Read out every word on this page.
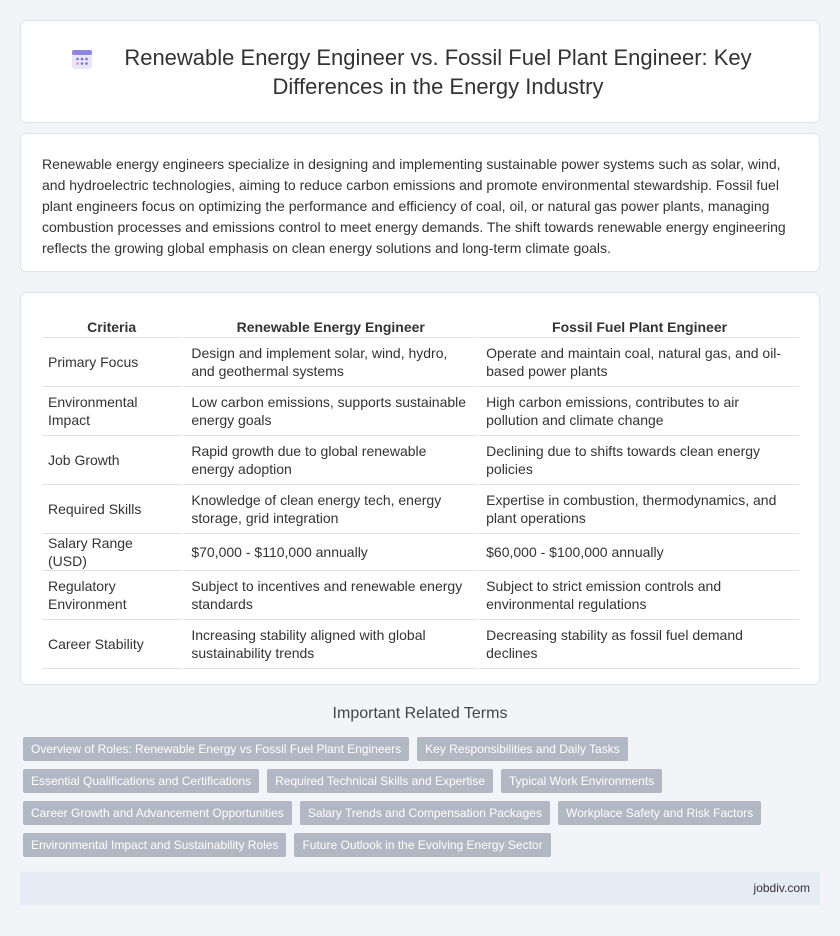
Renewable Energy Engineer vs. Fossil Fuel Plant Engineer: Key Differences in the Energy Industry

Renewable energy engineers specialize in designing and implementing sustainable power systems such as solar, wind, and hydroelectric technologies, aiming to reduce carbon emissions and promote environmental stewardship. Fossil fuel plant engineers focus on optimizing the performance and efficiency of coal, oil, or natural gas power plants, managing combustion processes and emissions control to meet energy demands. The shift towards renewable energy engineering reflects the growing global emphasis on clean energy solutions and long-term climate goals.

Criteria	Renewable Energy Engineer	Fossil Fuel Plant Engineer
Primary Focus	Design and implement solar, wind, hydro, and geothermal systems	Operate and maintain coal, natural gas, and oil-based power plants
Environmental Impact	Low carbon emissions, supports sustainable energy goals	High carbon emissions, contributes to air pollution and climate change
Job Growth	Rapid growth due to global renewable energy adoption	Declining due to shifts towards clean energy policies
Required Skills	Knowledge of clean energy tech, energy storage, grid integration	Expertise in combustion, thermodynamics, and plant operations
Salary Range (USD)	$70,000 - $110,000 annually	$60,000 - $100,000 annually
Regulatory Environment	Subject to incentives and renewable energy standards	Subject to strict emission controls and environmental regulations
Career Stability	Increasing stability aligned with global sustainability trends	Decreasing stability as fossil fuel demand declines
Important Related Terms
Overview of Roles: Renewable Energy vs Fossil Fuel Plant Engineers	Key Responsibilities and Daily Tasks
Essential Qualifications and Certifications	Required Technical Skills and Expertise	Typical Work Environments
Career Growth and Advancement Opportunities	Salary Trends and Compensation Packages	Workplace Safety and Risk Factors
Environmental Impact and Sustainability Roles	Future Outlook in the Evolving Energy Sector
jobdiv.com
